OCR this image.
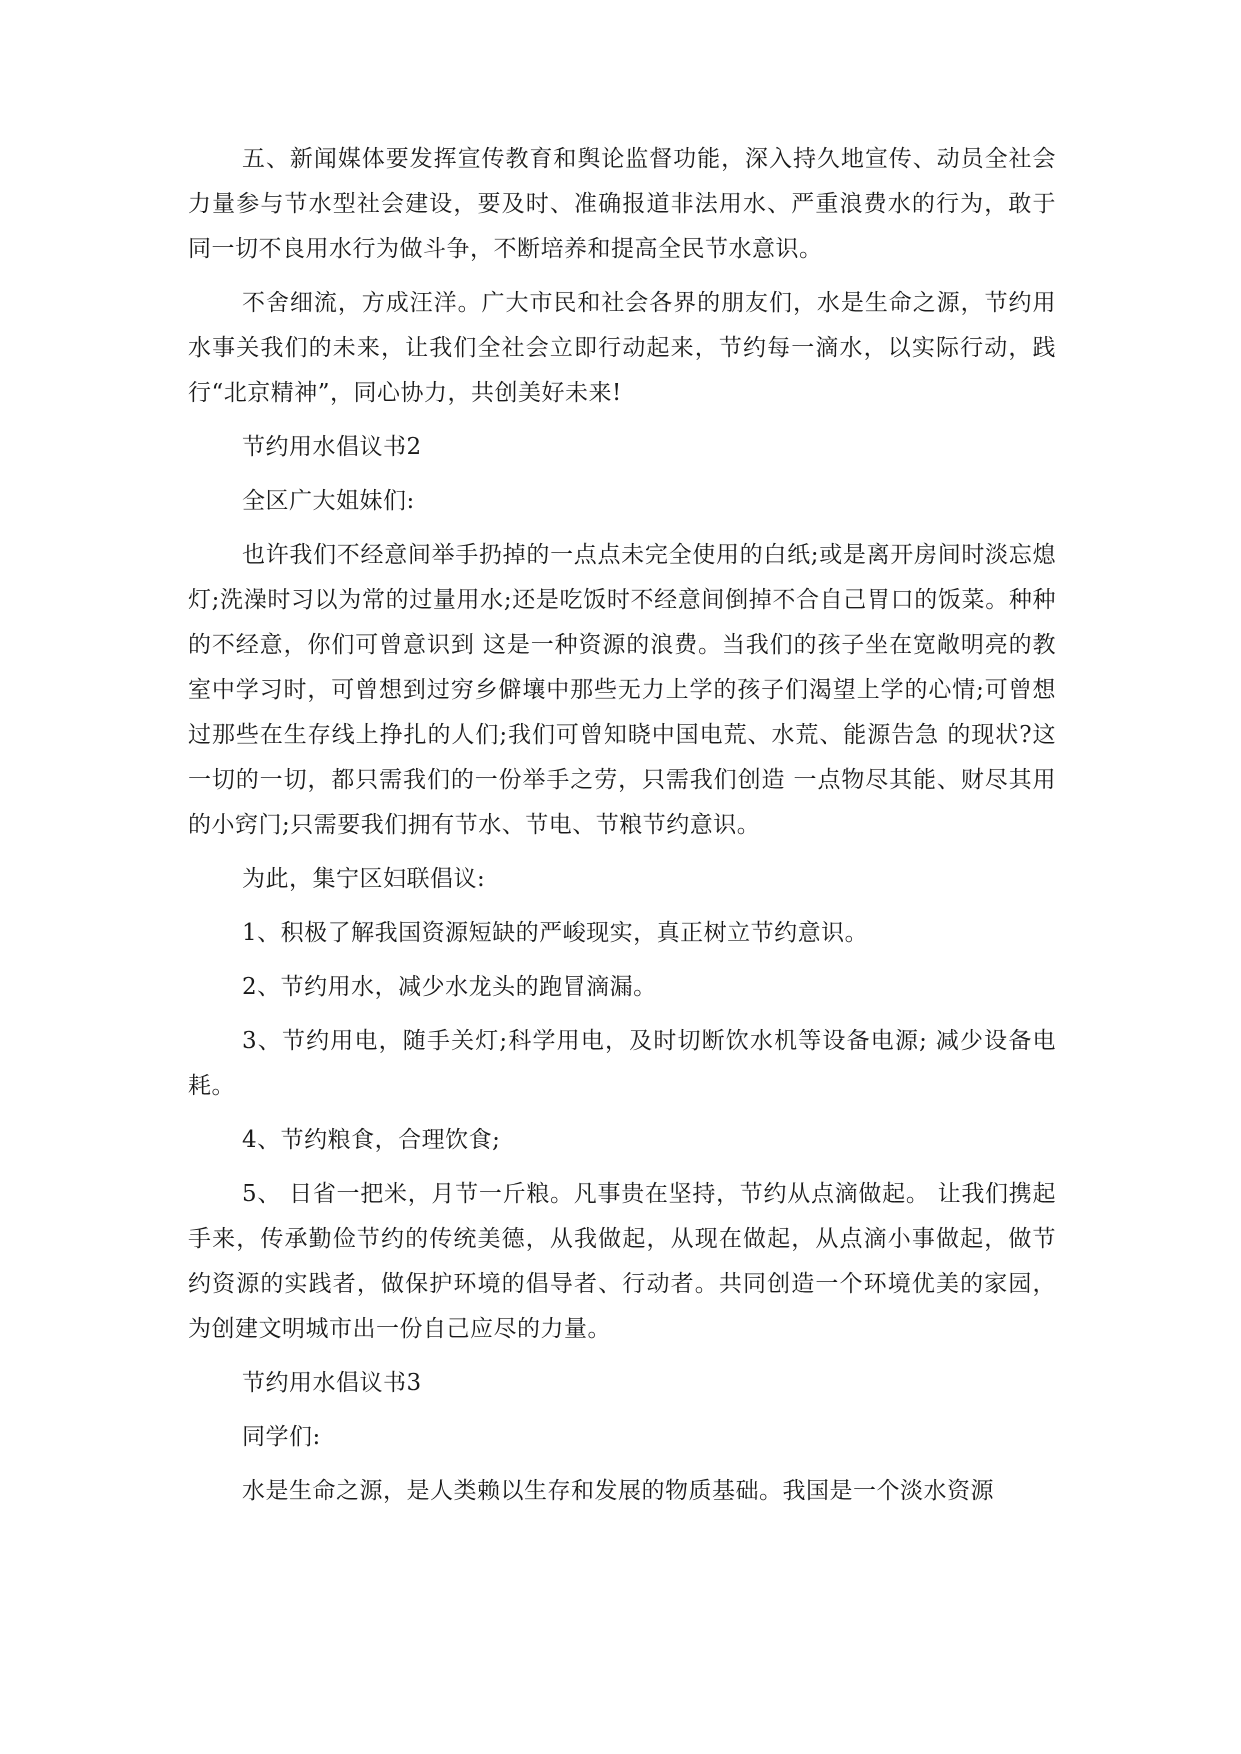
五、新闻媒体要发挥宣传教育和舆论监督功能，深入持久地宣传、动员全社会力量参与节水型社会建设，要及时、准确报道非法用水、严重浪费水的行为，敢于同一切不良用水行为做斗争，不断培养和提高全民节水意识。

不舍细流，方成汪洋。广大市民和社会各界的朋友们，水是生命之源，节约用水事关我们的未来，让我们全社会立即行动起来，节约每一滴水，以实际行动，践行“北京精神”，同心协力，共创美好未来!

节约用水倡议书2

全区广大姐妹们:

也许我们不经意间举手扔掉的一点点未完全使用的白纸;或是离开房间时淡忘熄灯;洗澡时习以为常的过量用水;还是吃饭时不经意间倒掉不合自己胃口的饭菜。种种的不经意，你们可曾意识到 这是一种资源的浪费。当我们的孩子坐在宽敞明亮的教室中学习时，可曾想到过穷乡僻壤中那些无力上学的孩子们渴望上学的心情;可曾想过那些在生存线上挣扎的人们;我们可曾知晓中国电荒、水荒、能源告急 的现状?这一切的一切，都只需我们的一份举手之劳，只需我们创造 一点物尽其能、财尽其用的小窍门;只需要我们拥有节水、节电、节粮节约意识。

为此，集宁区妇联倡议:

1、积极了解我国资源短缺的严峻现实，真正树立节约意识。

2、节约用水，减少水龙头的跑冒滴漏。

3、节约用电，随手关灯;科学用电，及时切断饮水机等设备电源; 减少设备电耗。

4、节约粮食，合理饮食;

5、 日省一把米，月节一斤粮。凡事贵在坚持，节约从点滴做起。 让我们携起手来，传承勤俭节约的传统美德，从我做起，从现在做起，从点滴小事做起，做节约资源的实践者，做保护环境的倡导者、行动者。共同创造一个环境优美的家园，为创建文明城市出一份自己应尽的力量。

节约用水倡议书3

同学们:

水是生命之源，是人类赖以生存和发展的物质基础。我国是一个淡水资源
